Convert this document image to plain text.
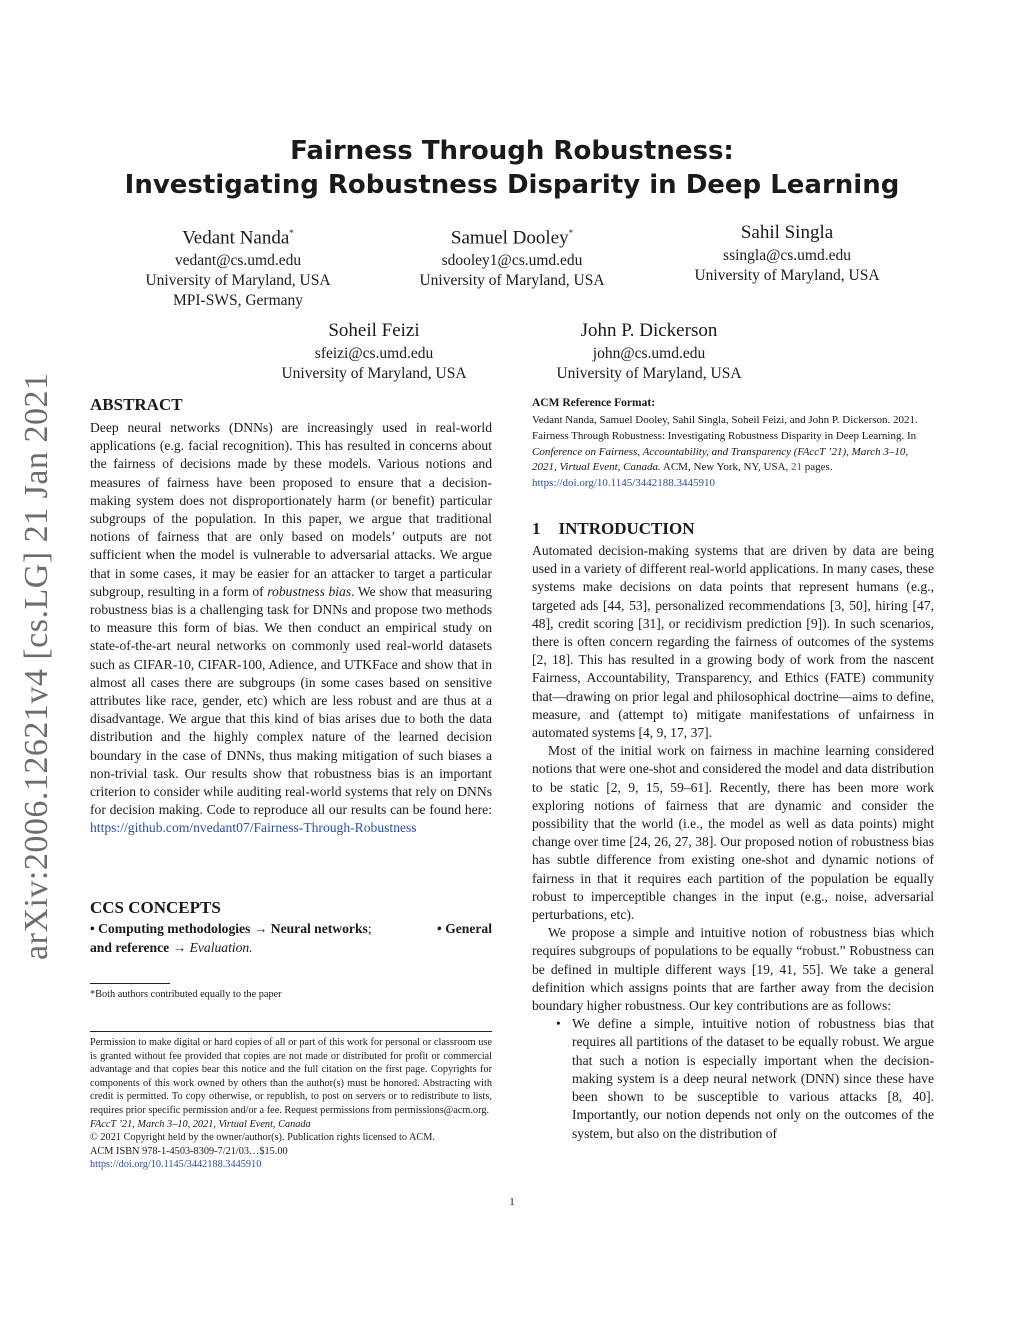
Fairness Through Robustness:
Investigating Robustness Disparity in Deep Learning
Vedant Nanda*
vedant@cs.umd.edu
University of Maryland, USA
MPI-SWS, Germany
Samuel Dooley*
sdooley1@cs.umd.edu
University of Maryland, USA
Sahil Singla
ssingla@cs.umd.edu
University of Maryland, USA
Soheil Feizi
sfeizi@cs.umd.edu
University of Maryland, USA
John P. Dickerson
john@cs.umd.edu
University of Maryland, USA
arXiv:2006.12621v4 [cs.LG] 21 Jan 2021	ABSTRACT
Deep neural networks (DNNs) are increasingly used in real-world applications (e.g. facial recognition). This has resulted in concerns about the fairness of decisions made by these models. Various notions and measures of fairness have been proposed to ensure that a decision-making system does not disproportionately harm (or benefit) particular subgroups of the population. In this paper, we argue that traditional notions of fairness that are only based on models’ outputs are not sufficient when the model is vulnerable to adversarial attacks. We argue that in some cases, it may be easier for an attacker to target a particular subgroup, resulting in a form of robustness bias. We show that measuring robustness bias is a challenging task for DNNs and propose two methods to measure this form of bias. We then conduct an empirical study on state-of-the-art neural networks on commonly used real-world datasets such as CIFAR-10, CIFAR-100, Adience, and UTKFace and show that in almost all cases there are subgroups (in some cases based on sensitive attributes like race, gender, etc) which are less robust and are thus at a disadvantage. We argue that this kind of bias arises due to both the data distribution and the highly complex nature of the learned decision boundary in the case of DNNs, thus making mitigation of such biases a non-trivial task. Our results show that robustness bias is an important criterion to consider while auditing real-world systems that rely on DNNs for decision making. Code to reproduce all our results can be found here: https://github.com/nvedant07/Fairness-Through-Robustness
CCS CONCEPTS
• Computing methodologies → Neural networks;	• General
and reference → Evaluation.
*Both authors contributed equally to the paper
Permission to make digital or hard copies of all or part of this work for personal or classroom use is granted without fee provided that copies are not made or distributed for profit or commercial advantage and that copies bear this notice and the full citation on the first page. Copyrights for components of this work owned by others than the author(s) must be honored. Abstracting with credit is permitted. To copy otherwise, or republish, to post on servers or to redistribute to lists, requires prior specific permission and/or a fee. Request permissions from permissions@acm.org.
FAccT ’21, March 3–10, 2021, Virtual Event, Canada
© 2021 Copyright held by the owner/author(s). Publication rights licensed to ACM.
ACM ISBN 978-1-4503-8309-7/21/03…$15.00
https://doi.org/10.1145/3442188.3445910
ACM Reference Format:
Vedant Nanda, Samuel Dooley, Sahil Singla, Soheil Feizi, and John P. Dickerson. 2021. Fairness Through Robustness: Investigating Robustness Disparity in Deep Learning. In Conference on Fairness, Accountability, and Transparency (FAccT ’21), March 3–10, 2021, Virtual Event, Canada. ACM, New York, NY, USA, 21 pages. https://doi.org/10.1145/3442188.3445910
1 INTRODUCTION

Automated decision-making systems that are driven by data are being used in a variety of different real-world applications. In many cases, these systems make decisions on data points that represent humans (e.g., targeted ads [44, 53], personalized recommendations [3, 50], hiring [47, 48], credit scoring [31], or recidivism prediction [9]). In such scenarios, there is often concern regarding the fairness of outcomes of the systems [2, 18]. This has resulted in a growing body of work from the nascent Fairness, Accountability, Transparency, and Ethics (FATE) community that—drawing on prior legal and philosophical doctrine—aims to define, measure, and (attempt to) mitigate manifestations of unfairness in automated systems [4, 9, 17, 37].

Most of the initial work on fairness in machine learning considered notions that were one-shot and considered the model and data distribution to be static [2, 9, 15, 59–61]. Recently, there has been more work exploring notions of fairness that are dynamic and consider the possibility that the world (i.e., the model as well as data points) might change over time [24, 26, 27, 38]. Our proposed notion of robustness bias has subtle difference from existing one-shot and dynamic notions of fairness in that it requires each partition of the population be equally robust to imperceptible changes in the input (e.g., noise, adversarial perturbations, etc).

We propose a simple and intuitive notion of robustness bias which requires subgroups of populations to be equally “robust.” Robustness can be defined in multiple different ways [19, 41, 55]. We take a general definition which assigns points that are farther away from the decision boundary higher robustness. Our key contributions are as follows:

• We define a simple, intuitive notion of robustness bias that requires all partitions of the dataset to be equally robust. We argue that such a notion is especially important when the decision-making system is a deep neural network (DNN) since these have been shown to be susceptible to various attacks [8, 40]. Importantly, our notion depends not only on the outcomes of the system, but also on the distribution of
1
